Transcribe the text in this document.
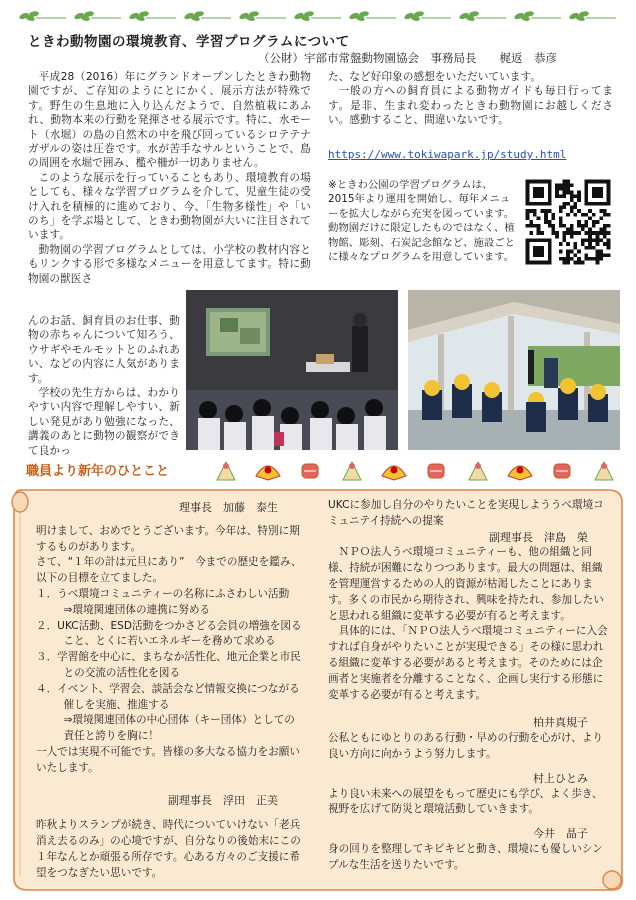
ときわ動物園の環境教育、学習プログラムについて
（公財）宇部市常盤動物園協会　事務局長　　梶返　恭彦

平成28（2016）年にグランドオープンしたときわ動物園ですが、ご存知のようにとにかく、展示方法が特殊です。野生の生息地に入り込んだようで、自然植栽にあふれ、動物本来の行動を発揮させる展示です。特に、水モート（水堀）の島の自然木の中を飛び回っているシロテテナガザルの姿は圧巻です。水が苦手なサルということで、島の周囲を水堀で囲み、檻や柵が一切ありません。

このような展示を行っていることもあり、環境教育の場としても、様々な学習プログラムを介して、児童生徒の受け入れを積極的に進めており、今、「生物多様性」や「いのち」を学ぶ場として、ときわ動物園が大いに注目されています。

動物園の学習プログラムとしては、小学校の教材内容ともリンクする形で多様なメニューを用意してます。特に動物園の獣医さ

んのお話、飼育員のお仕事、動物の赤ちゃんについて知ろう、ウサギやモルモットとのふれあい、などの内容に人気があります。

学校の先生方からは、わかりやすい内容で理解しやすい、新しい発見があり勉強になった、講義のあとに動物の観察ができて良かっ

た、など好印象の感想をいただいています。

一般の方への飼育員による動物ガイドも毎日行ってます。是非、生まれ変わったときわ動物園にお越しください。感動すること、間違いないです。

https://www.tokiwapark.jp/study.html
※ときわ公園の学習プログラムは、2015年より運用を開始し、毎年メニューを拡大しながら充実を図っています。動物園だけに限定したものではなく、植物館、彫刻、石炭記念館など、施設ごとに様々なプログラムを用意しています。
職員より新年のひとこと

理事長　加藤　泰生

明けまして、おめでとうございます。今年は、特別に期するものがあります。

さて、“１年の計は元旦にあり”　今までの歴史を鑑み、以下の目標を立てました。

１．うべ環境コミュニティーの名称にふさわしい活動　⇒環境関連団体の連携に努める

２．UKC活動、ESD活動をつかさどる会員の増強を図ること、とくに若いエネルギーを務めて求める

３．学習館を中心に、まちなか活性化、地元企業と市民との交流の活性化を図る

４．イベント、学習会、談話会など情報交換につながる催しを実施、推進する

⇒環境関連団体の中心団体（キー団体）としての責任と誇りを胸に！

一人では実現不可能です。皆様の多大なる協力をお願いいたします。

副理事長　浮田　正美

昨秋よりスランプが続き、時代についていけない「老兵消え去るのみ」の心境ですが、自分なりの後始末にこの１年なんとか頑張る所存です。心ある方々のご支援に希望をつなぎたい思いです。

UKCに参加し自分のやりたいことを実現しよううべ環境コミュニテイ持続への提案

副理事長　津島　榮

ＮＰＯ法人うべ環境コミュニティーも、他の組織と同様、持続が困難になりつつあります。最大の問題は、組織を管理運営するための人的資源が枯渇したことにあります。多くの市民から期待され、興味を持たれ、参加したいと思われる組織に変革する必要が有ると考えます。

具体的には、「ＮＰＯ法人うべ環境コミュニティーに入会すれば自身がやりたいことが実現できる」その様に思われる組織に変革する必要があると考えます。そのためには企画者と実施者を分離することなく、企画し実行する形態に変革する必要が有ると考えます。

柏井真規子

公私ともにゆとりのある行動・早めの行動を心がけ、より良い方向に向かうよう努力します。

村上ひとみ

より良い未来への展望をもって歴史にも学び、よく歩き、視野を広げて防災と環境活動していきます。

今井　晶子

身の回りを整理してキビキビと動き、環境にも優しいシンプルな生活を送りたいです。
